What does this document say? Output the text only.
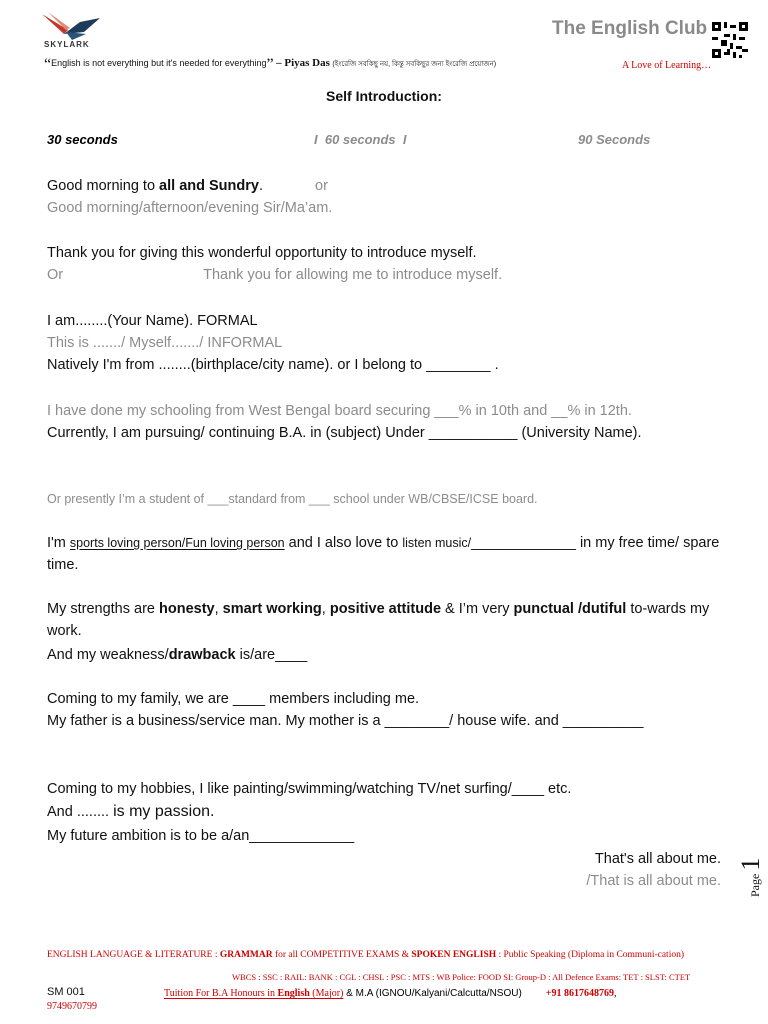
SKYLARK
The English Club
“English is not everything but it's needed for everything” – Piyas Das (ইংরেজি সবকিছু নয়, কিন্তু সবকিছুর জন্য ইংরেজি প্রয়োজন)	A Love of Learning…
Self Introduction:
30 seconds	I  60 seconds  I	90 Seconds
Good morning to all and Sundry.	or
Good morning/afternoon/evening Sir/Ma’am.
Thank you for giving this wonderful opportunity to introduce myself.
Or	Thank you for allowing me to introduce myself.
I am........(Your Name). FORMAL
This is ......./ Myself......./ INFORMAL
Natively I'm from ........(birthplace/city name). or I belong to ________ .
I have done my schooling from West Bengal board securing ___% in 10th and __% in 12th.
Currently, I am pursuing/ continuing B.A. in (subject) Under ___________ (University Name).
Or presently I’m a student of ___standard from ___ school under WB/CBSE/ICSE board.
I'm sports loving person/Fun loving person and I also love to listen music/_____________ in my free time/ spare time.
My strengths are honesty, smart working, positive attitude & I’m very punctual /dutiful to-wards my work.
And my weakness/drawback is/are____
Coming to my family, we are ____ members including me.
My father is a business/service man. My mother is a ________/ house wife. and __________
Coming to my hobbies, I like painting/swimming/watching TV/net surfing/____ etc.
And ........ is my passion.
My future ambition is to be a/an_____________
That's all about me.
/That is all about me.	Page 1
ENGLISH LANGUAGE & LITERATURE : GRAMMAR for all COMPETITIVE EXAMS & SPOKEN ENGLISH : Public Speaking (Diploma in Communi-cation)
WBCS : SSC : RAIL: BANK : CGL : CHSL : PSC : MTS : WB Police: FOOD SI: Group-D : All Defence Exams: TET : SLST: CTET
Tuition For B.A Honours in English (Major) & M.A (IGNOU/Kalyani/Calcutta/NSOU) +91 8617648769,
SM 001
9749670799
